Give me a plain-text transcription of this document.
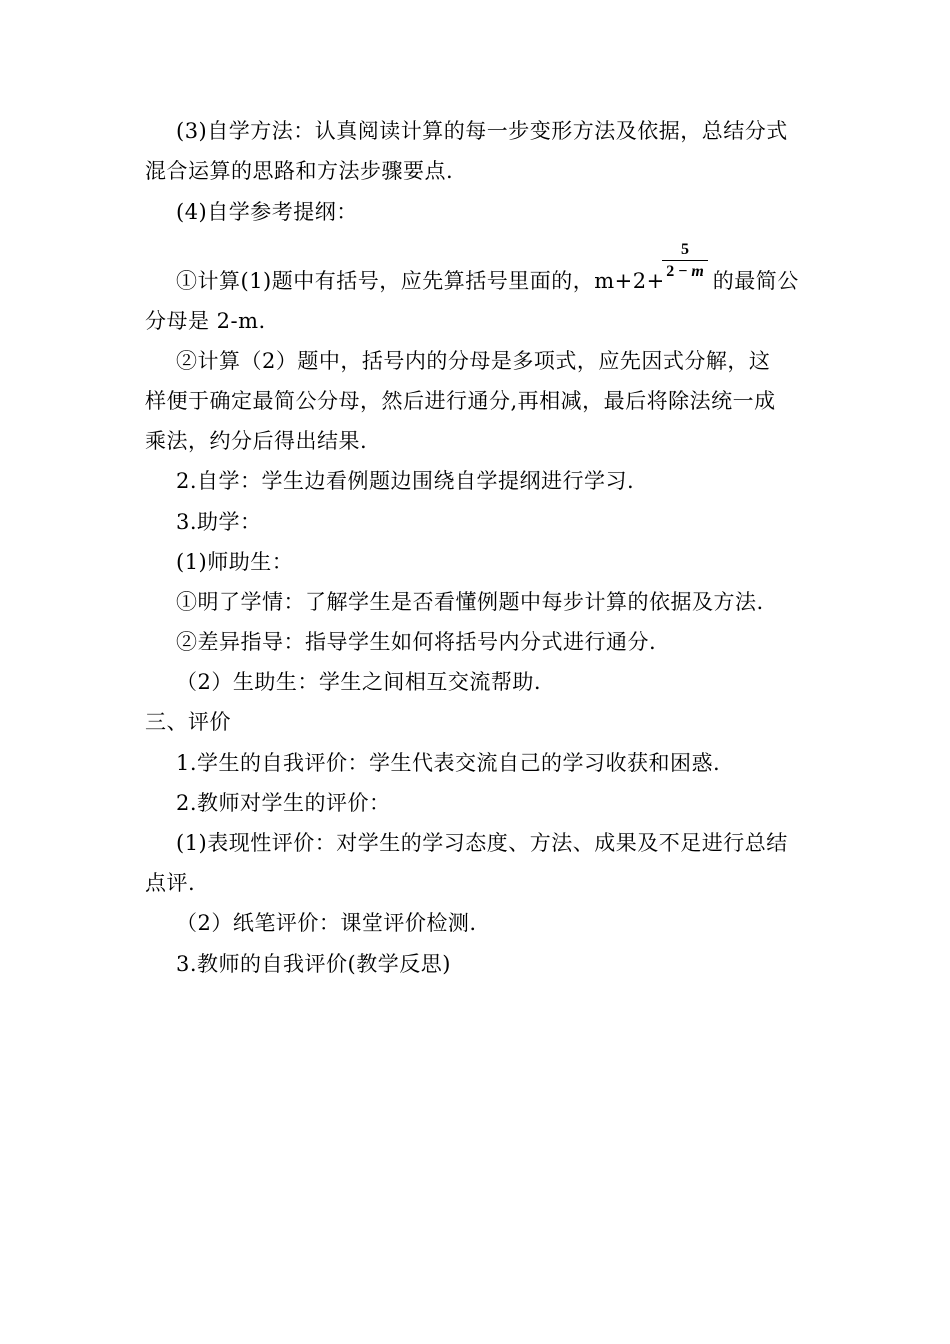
(3)自学方法：认真阅读计算的每一步变形方法及依据，总结分式
混合运算的思路和方法步骤要点.
(4)自学参考提纲：
①计算(1)题中有括号，应先算括号里面的，m+2+ 的最简公
5
2 − m
分母是 2-m.
②计算（2）题中，括号内的分母是多项式，应先因式分解，这
样便于确定最简公分母，然后进行通分,再相减，最后将除法统一成
乘法，约分后得出结果.
2.自学：学生边看例题边围绕自学提纲进行学习.
3.助学：
(1)师助生：
①明了学情：了解学生是否看懂例题中每步计算的依据及方法.
②差异指导：指导学生如何将括号内分式进行通分.
（2）生助生：学生之间相互交流帮助.
三、评价
1.学生的自我评价：学生代表交流自己的学习收获和困惑.
2.教师对学生的评价：
(1)表现性评价：对学生的学习态度、方法、成果及不足进行总结
点评.
（2）纸笔评价：课堂评价检测.
3.教师的自我评价(教学反思)
